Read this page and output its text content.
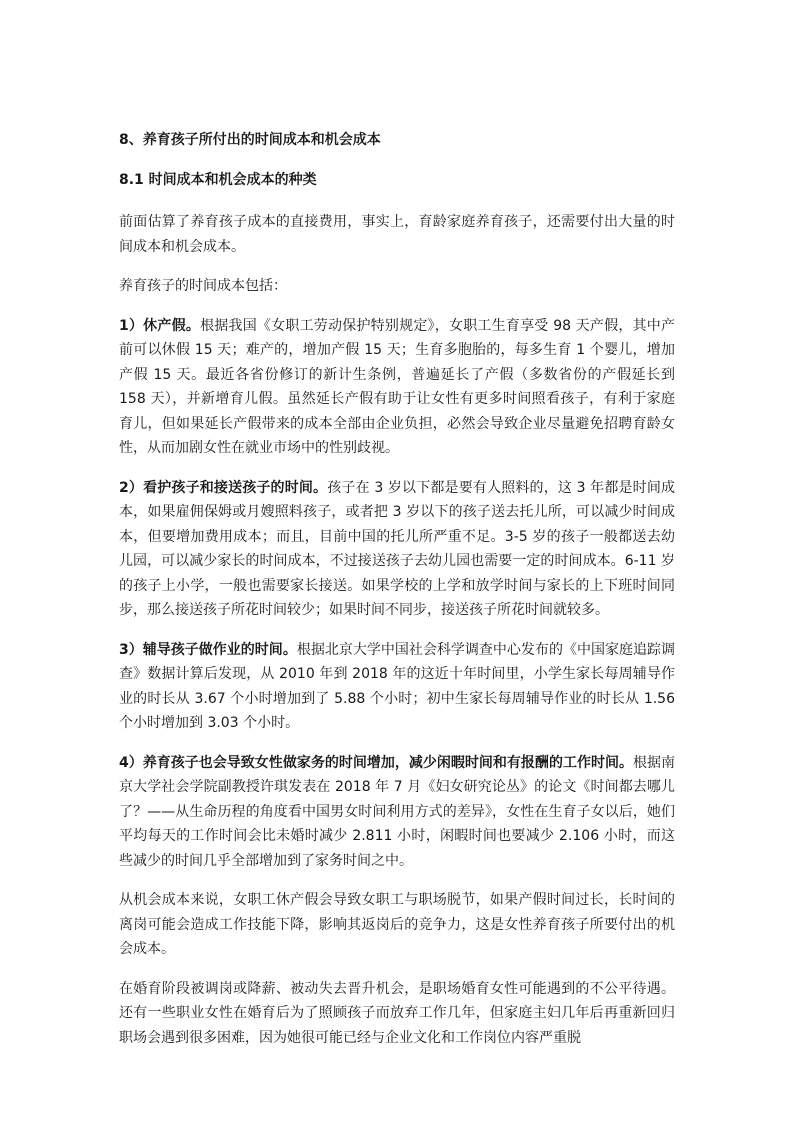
8、养育孩子所付出的时间成本和机会成本
8.1 时间成本和机会成本的种类

前面估算了养育孩子成本的直接费用，事实上，育龄家庭养育孩子，还需要付出大量的时间成本和机会成本。

养育孩子的时间成本包括：

1）休产假。根据我国《女职工劳动保护特别规定》，女职工生育享受 98 天产假，其中产前可以休假 15 天；难产的，增加产假 15 天；生育多胞胎的，每多生育 1 个婴儿，增加产假 15 天。最近各省份修订的新计生条例，普遍延长了产假（多数省份的产假延长到 158 天），并新增育儿假。虽然延长产假有助于让女性有更多时间照看孩子，有利于家庭育儿，但如果延长产假带来的成本全部由企业负担，必然会导致企业尽量避免招聘育龄女性，从而加剧女性在就业市场中的性别歧视。

2）看护孩子和接送孩子的时间。孩子在 3 岁以下都是要有人照料的，这 3 年都是时间成本，如果雇佣保姆或月嫂照料孩子，或者把 3 岁以下的孩子送去托儿所，可以减少时间成本，但要增加费用成本；而且，目前中国的托儿所严重不足。3-5 岁的孩子一般都送去幼儿园，可以减少家长的时间成本，不过接送孩子去幼儿园也需要一定的时间成本。6-11 岁的孩子上小学，一般也需要家长接送。如果学校的上学和放学时间与家长的上下班时间同步，那么接送孩子所花时间较少；如果时间不同步，接送孩子所花时间就较多。

3）辅导孩子做作业的时间。根据北京大学中国社会科学调查中心发布的《中国家庭追踪调查》数据计算后发现，从 2010 年到 2018 年的这近十年时间里，小学生家长每周辅导作业的时长从 3.67 个小时增加到了 5.88 个小时；初中生家长每周辅导作业的时长从 1.56 个小时增加到 3.03 个小时。

4）养育孩子也会导致女性做家务的时间增加，减少闲暇时间和有报酬的工作时间。根据南京大学社会学院副教授许琪发表在 2018 年 7 月《妇女研究论丛》的论文《时间都去哪儿了？——从生命历程的角度看中国男女时间利用方式的差异》，女性在生育子女以后，她们平均每天的工作时间会比未婚时减少 2.811 小时，闲暇时间也要减少 2.106 小时，而这些减少的时间几乎全部增加到了家务时间之中。

从机会成本来说，女职工休产假会导致女职工与职场脱节，如果产假时间过长，长时间的离岗可能会造成工作技能下降，影响其返岗后的竞争力，这是女性养育孩子所要付出的机会成本。

在婚育阶段被调岗或降薪、被动失去晋升机会，是职场婚育女性可能遇到的不公平待遇。还有一些职业女性在婚育后为了照顾孩子而放弃工作几年，但家庭主妇几年后再重新回归职场会遇到很多困难，因为她很可能已经与企业文化和工作岗位内容严重脱
